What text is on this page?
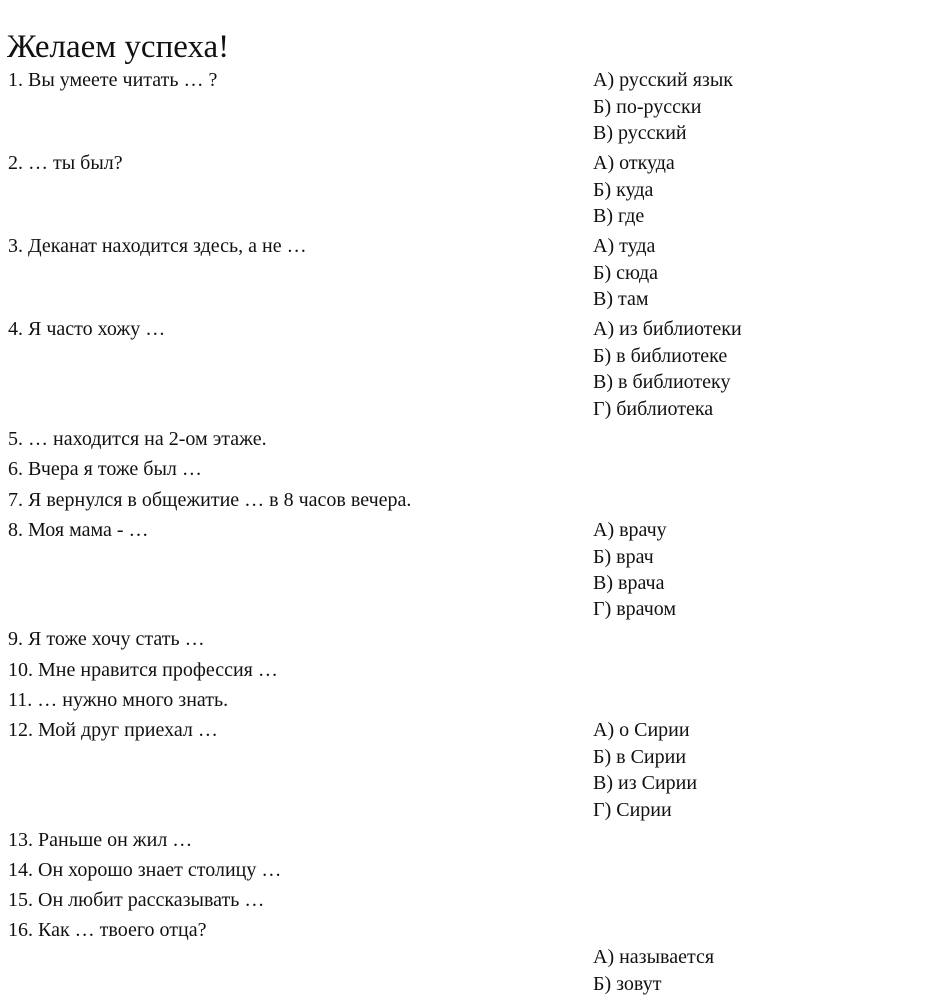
Желаем успеха!
1. Вы умеете читать … ?	А) русский язык
Б) по-русски
В) русский
2. … ты был?	А) откуда
Б) куда
В) где
3. Деканат находится здесь, а не …	А) туда
Б) сюда
В) там
4. Я часто хожу …	А) из библиотеки
Б) в библиотеке
В) в библиотеку
Г) библиотека
5. … находится на 2-ом этаже.
6. Вчера я тоже был …
7. Я вернулся в общежитие … в 8 часов вечера.
8. Моя мама - …	А) врачу
Б) врач
В) врача
Г) врачом
9. Я тоже хочу стать …
10. Мне нравится профессия …
11. … нужно много знать.
12. Мой друг приехал …	А) о Сирии
Б) в Сирии
В) из Сирии
Г) Сирии
13. Раньше он жил …
14. Он хорошо знает столицу …
15. Он любит рассказывать …
16. Как … твоего отца?
А) называется
Б) зовут
